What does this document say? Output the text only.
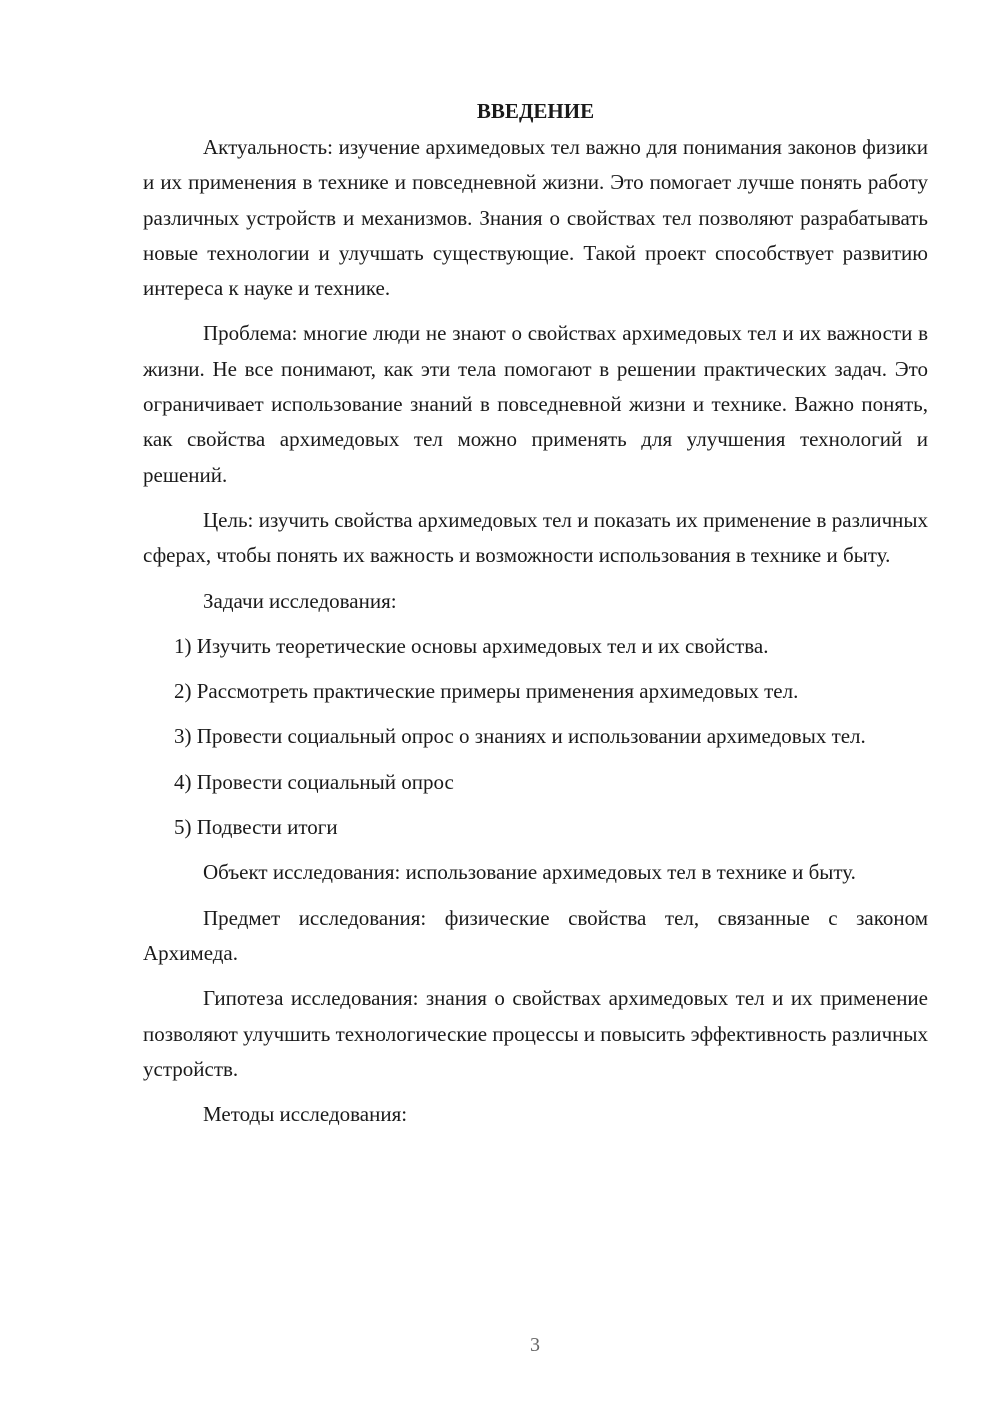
ВВЕДЕНИЕ

Актуальность: изучение архимедовых тел важно для понимания законов физики и их применения в технике и повседневной жизни. Это помогает лучше понять работу различных устройств и механизмов. Знания о свойствах тел позволяют разрабатывать новые технологии и улучшать существующие. Такой проект способствует развитию интереса к науке и технике.

Проблема: многие люди не знают о свойствах архимедовых тел и их важности в жизни. Не все понимают, как эти тела помогают в решении практических задач. Это ограничивает использование знаний в повседневной жизни и технике. Важно понять, как свойства архимедовых тел можно применять для улучшения технологий и решений.

Цель: изучить свойства архимедовых тел и показать их применение в различных сферах, чтобы понять их важность и возможности использования в технике и быту.

Задачи исследования:

1) Изучить теоретические основы архимедовых тел и их свойства.

2) Рассмотреть практические примеры применения архимедовых тел.

3) Провести социальный опрос о знаниях и использовании архимедовых тел.

4) Провести социальный опрос

5) Подвести итоги

Объект исследования: использование архимедовых тел в технике и быту.

Предмет исследования: физические свойства тел, связанные с законом Архимеда.

Гипотеза исследования: знания о свойствах архимедовых тел и их применение позволяют улучшить технологические процессы и повысить эффективность различных устройств.

Методы исследования:

3
